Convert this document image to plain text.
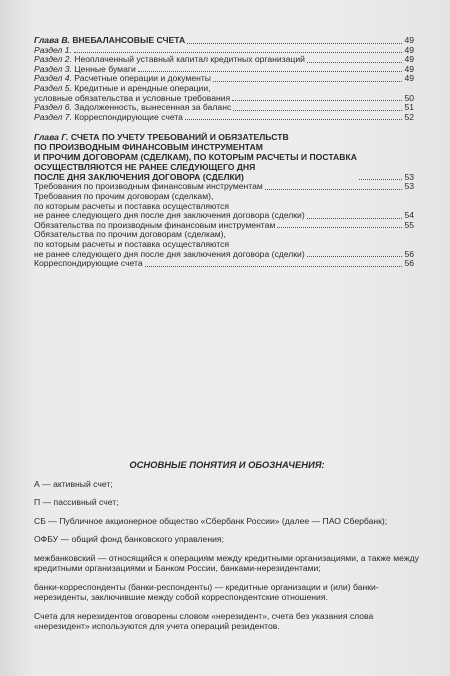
Глава В. ВНЕБАЛАНСОВЫЕ СЧЕТА	49
Раздел 1.	49
Раздел 2. Неоплаченный уставный капитал кредитных организаций	49
Раздел 3. Ценные бумаги	49
Раздел 4. Расчетные операции и документы	49
Раздел 5. Кредитные и арендные операции,
условные обязательства и условные требования	50
Раздел 6. Задолженность, вынесенная за баланс	51
Раздел 7. Корреспондирующие счета	52
Глава Г. СЧЕТА ПО УЧЕТУ ТРЕБОВАНИЙ И ОБЯЗАТЕЛЬСТВ
ПО ПРОИЗВОДНЫМ ФИНАНСОВЫМ ИНСТРУМЕНТАМ
И ПРОЧИМ ДОГОВОРАМ (СДЕЛКАМ), ПО КОТОРЫМ РАСЧЕТЫ И ПОСТАВКА
ОСУЩЕСТВЛЯЮТСЯ НЕ РАНЕЕ СЛЕДУЮЩЕГО ДНЯ
ПОСЛЕ ДНЯ ЗАКЛЮЧЕНИЯ ДОГОВОРА (СДЕЛКИ)	53
Требования по производным финансовым инструментам	53
Требования по прочим договорам (сделкам),
по которым расчеты и поставка осуществляются
не ранее следующего дня после дня заключения договора (сделки)	54
Обязательства по производным финансовым инструментам	55
Обязательства по прочим договорам (сделкам),
по которым расчеты и поставка осуществляются
не ранее следующего дня после дня заключения договора (сделки)	56
Корреспондирующие счета	56
ОСНОВНЫЕ ПОНЯТИЯ И ОБОЗНАЧЕНИЯ:

А — активный счет;

П — пассивный счет;

СБ — Публичное акционерное общество «Сбербанк России» (далее — ПАО Сбербанк);

ОФБУ — общий фонд банковского управления;

межбанковский — относящийся к операциям между кредитными организациями, а также между кредитными организациями и Банком России, банками-нерезидентами;

банки-корреспонденты (банки-респонденты) — кредитные организации и (или) банки-нерезиденты, заключившие между собой корреспондентские отношения.

Счета для нерезидентов оговорены словом «нерезидент», счета без указания слова «нерезидент» используются для учета операций резидентов.
